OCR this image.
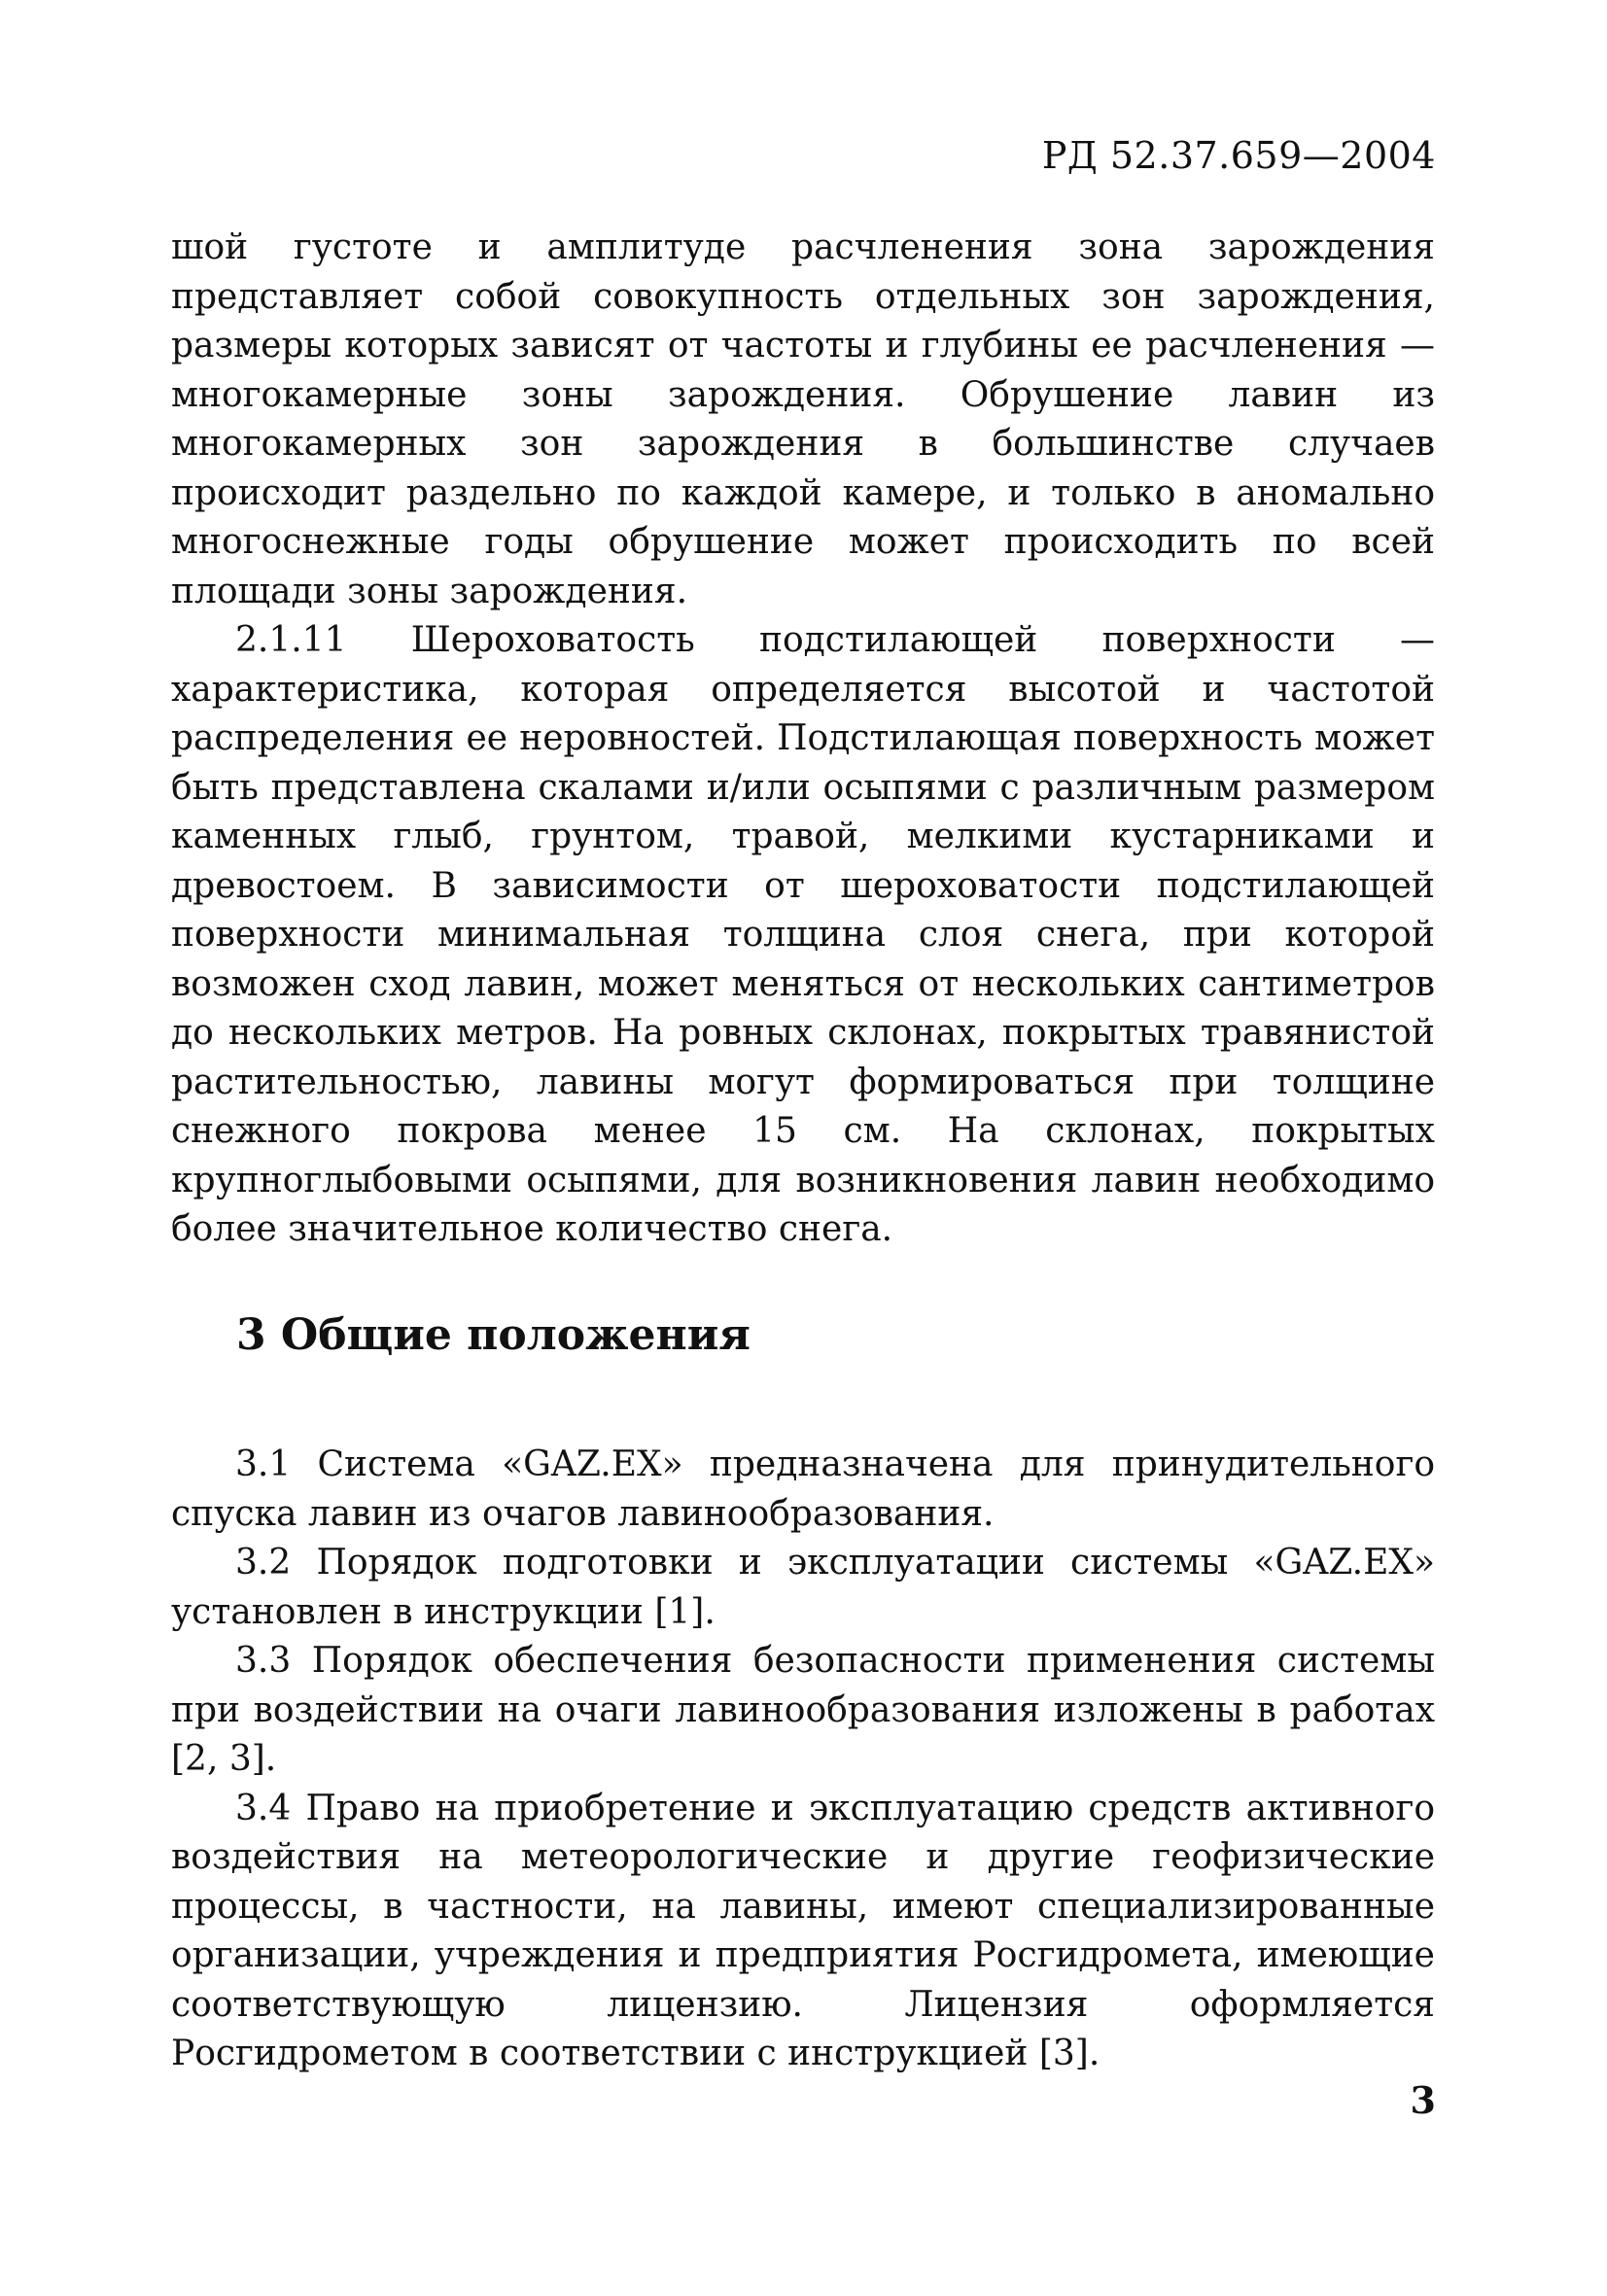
РД 52.37.659—2004

шой густоте и амплитуде расчленения зона зарождения представляет собой совокупность отдельных зон зарождения, размеры которых зависят от частоты и глубины ее расчленения — многокамерные зоны зарождения. Обрушение лавин из многокамерных зон зарождения в большинстве случаев происходит раздельно по каждой камере, и только в аномально многоснежные годы обрушение может происходить по всей площади зоны зарождения.

2.1.11 Шероховатость подстилающей поверхности — характеристика, которая определяется высотой и частотой распределения ее неровностей. Подстилающая поверхность может быть представлена скалами и/или осыпями с различным размером каменных глыб, грунтом, травой, мелкими кустарниками и древостоем. В зависимости от шероховатости подстилающей поверхности минимальная толщина слоя снега, при которой возможен сход лавин, может меняться от нескольких сантиметров до нескольких метров. На ровных склонах, покрытых травянистой растительностью, лавины могут формироваться при толщине снежного покрова менее 15 см. На склонах, покрытых крупноглыбовыми осыпями, для возникновения лавин необходимо более значительное количество снега.

3 Общие положения

3.1 Система «GAZ.EX» предназначена для принудительного спуска лавин из очагов лавинообразования.

3.2 Порядок подготовки и эксплуатации системы «GAZ.EX» установлен в инструкции [1].

3.3 Порядок обеспечения безопасности применения системы при воздействии на очаги лавинообразования изложены в работах [2, 3].

3.4 Право на приобретение и эксплуатацию средств активного воздействия на метеорологические и другие геофизические процессы, в частности, на лавины, имеют специализированные организации, учреждения и предприятия Росгидромета, имеющие соответствующую лицензию. Лицензия оформляется Росгидрометом в соответствии с инструкцией [3].

3
